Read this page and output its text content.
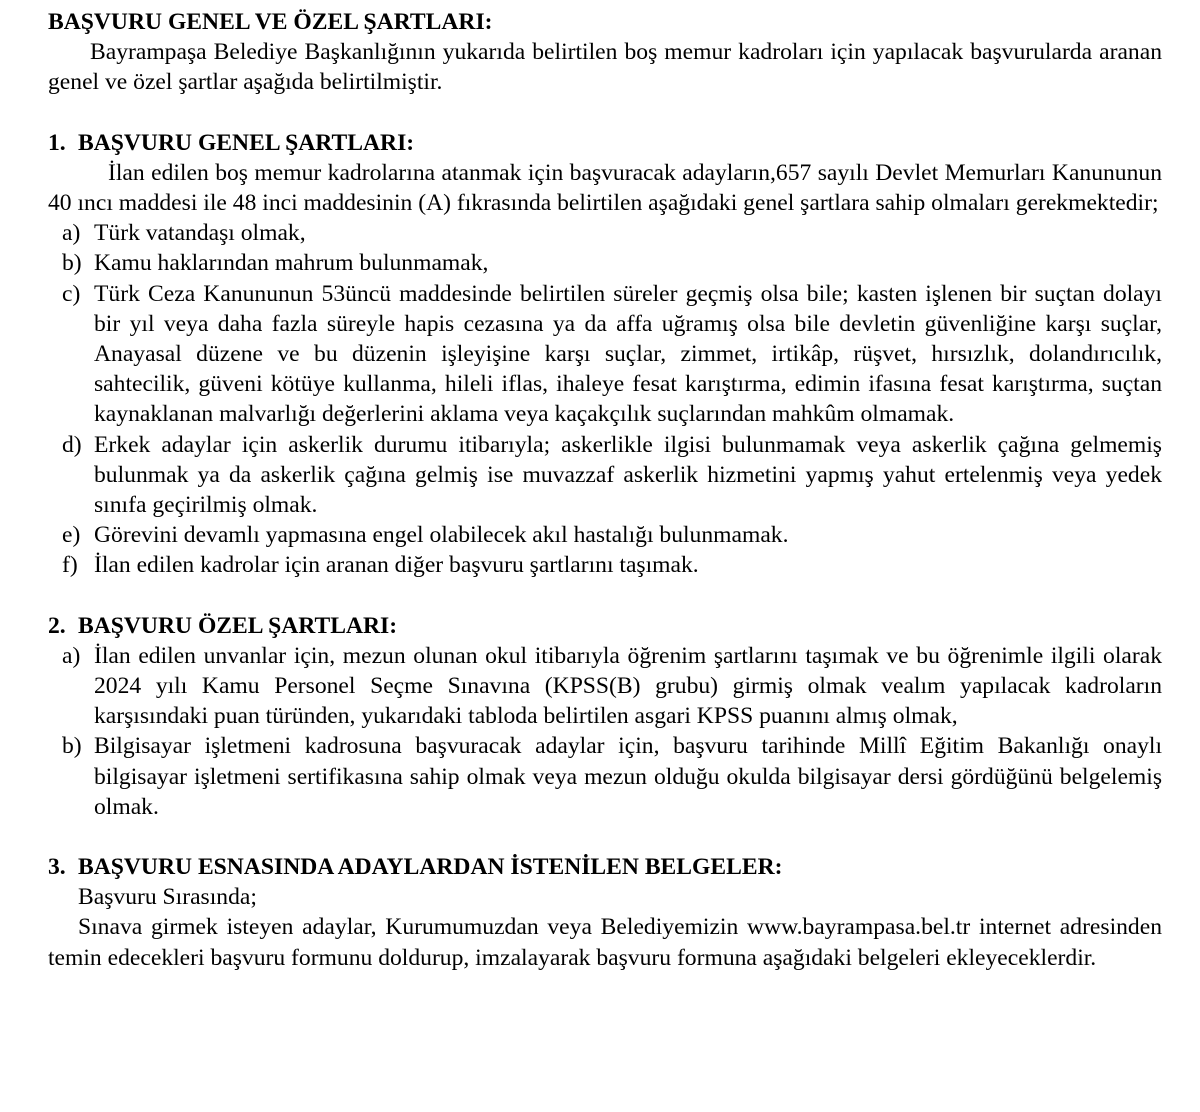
BAŞVURU GENEL VE ÖZEL ŞARTLARI:

Bayrampaşa Belediye Başkanlığının yukarıda belirtilen boş memur kadroları için yapılacak başvurularda aranan genel ve özel şartlar aşağıda belirtilmiştir.

1. BAŞVURU GENEL ŞARTLARI:

İlan edilen boş memur kadrolarına atanmak için başvuracak adayların,657 sayılı Devlet Memurları Kanununun 40 ıncı maddesi ile 48 inci maddesinin (A) fıkrasında belirtilen aşağıdaki genel şartlara sahip olmaları gerekmektedir;

a) Türk vatandaşı olmak,
b) Kamu haklarından mahrum bulunmamak,
c) Türk Ceza Kanununun 53üncü maddesinde belirtilen süreler geçmiş olsa bile; kasten işlenen bir suçtan dolayı bir yıl veya daha fazla süreyle hapis cezasına ya da affa uğramış olsa bile devletin güvenliğine karşı suçlar, Anayasal düzene ve bu düzenin işleyişine karşı suçlar, zimmet, irtikâp, rüşvet, hırsızlık, dolandırıcılık, sahtecilik, güveni kötüye kullanma, hileli iflas, ihaleye fesat karıştırma, edimin ifasına fesat karıştırma, suçtan kaynaklanan malvarlığı değerlerini aklama veya kaçakçılık suçlarından mahkûm olmamak.
d) Erkek adaylar için askerlik durumu itibarıyla; askerlikle ilgisi bulunmamak veya askerlik çağına gelmemiş bulunmak ya da askerlik çağına gelmiş ise muvazzaf askerlik hizmetini yapmış yahut ertelenmiş veya yedek sınıfa geçirilmiş olmak.
e) Görevini devamlı yapmasına engel olabilecek akıl hastalığı bulunmamak.
f) İlan edilen kadrolar için aranan diğer başvuru şartlarını taşımak.

2. BAŞVURU ÖZEL ŞARTLARI:

a) İlan edilen unvanlar için, mezun olunan okul itibarıyla öğrenim şartlarını taşımak ve bu öğrenimle ilgili olarak 2024 yılı Kamu Personel Seçme Sınavına (KPSS(B) grubu) girmiş olmak vealım yapılacak kadroların karşısındaki puan türünden, yukarıdaki tabloda belirtilen asgari KPSS puanını almış olmak,
b) Bilgisayar işletmeni kadrosuna başvuracak adaylar için, başvuru tarihinde Millî Eğitim Bakanlığı onaylı bilgisayar işletmeni sertifikasına sahip olmak veya mezun olduğu okulda bilgisayar dersi gördüğünü belgelemiş olmak.

3. BAŞVURU ESNASINDA ADAYLARDAN İSTENİLEN BELGELER:

Başvuru Sırasında;

Sınava girmek isteyen adaylar, Kurumumuzdan veya Belediyemizin www.bayrampasa.bel.tr internet adresinden temin edecekleri başvuru formunu doldurup, imzalayarak başvuru formuna aşağıdaki belgeleri ekleyeceklerdir.
